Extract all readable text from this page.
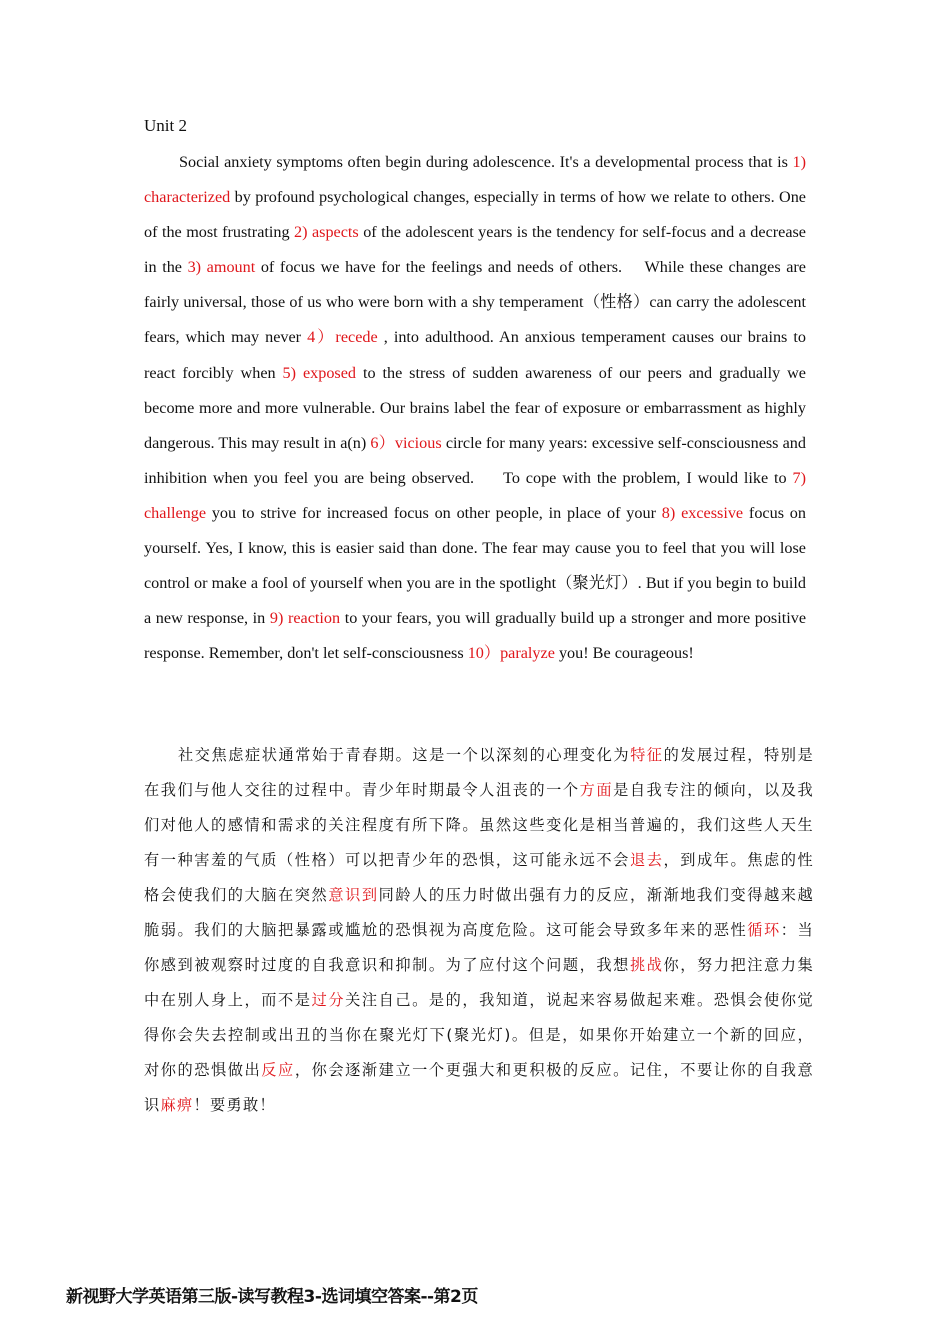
Unit 2

Social anxiety symptoms often begin during adolescence. It's a developmental process that is 1) characterized by profound psychological changes, especially in terms of how we relate to others. One of the most frustrating 2) aspects of the adolescent years is the tendency for self-focus and a decrease in the 3) amount of focus we have for the feelings and needs of others.    While these changes are fairly universal, those of us who were born with a shy temperament（性格）can carry the adolescent fears, which may never 4）recede , into adulthood. An anxious temperament causes our brains to react forcibly when 5) exposed to the stress of sudden awareness of our peers and gradually we become more and more vulnerable. Our brains label the fear of exposure or embarrassment as highly dangerous. This may result in a(n) 6）vicious circle for many years: excessive self-consciousness and inhibition when you feel you are being observed.     To cope with the problem, I would like to 7) challenge you to strive for increased focus on other people, in place of your 8) excessive focus on yourself. Yes, I know, this is easier said than done. The fear may cause you to feel that you will lose control or make a fool of yourself when you are in the spotlight（聚光灯）. But if you begin to build a new response, in 9) reaction to your fears, you will gradually build up a stronger and more positive response. Remember, don't let self-consciousness 10）paralyze you! Be courageous!

社交焦虑症状通常始于青春期。这是一个以深刻的心理变化为特征的发展过程，特别是在我们与他人交往的过程中。青少年时期最令人沮丧的一个方面是自我专注的倾向，以及我们对他人的感情和需求的关注程度有所下降。虽然这些变化是相当普遍的，我们这些人天生有一种害羞的气质（性格）可以把青少年的恐惧，这可能永远不会退去，到成年。焦虑的性格会使我们的大脑在突然意识到同龄人的压力时做出强有力的反应，渐渐地我们变得越来越脆弱。我们的大脑把暴露或尴尬的恐惧视为高度危险。这可能会导致多年来的恶性循环：当你感到被观察时过度的自我意识和抑制。为了应付这个问题，我想挑战你，努力把注意力集中在别人身上，而不是过分关注自己。是的，我知道，说起来容易做起来难。恐惧会使你觉得你会失去控制或出丑的当你在聚光灯下(聚光灯)。但是，如果你开始建立一个新的回应，对你的恐惧做出反应，你会逐渐建立一个更强大和更积极的反应。记住，不要让你的自我意识麻痹！要勇敢！

新视野大学英语第三版-读写教程3-选词填空答案--第2页
